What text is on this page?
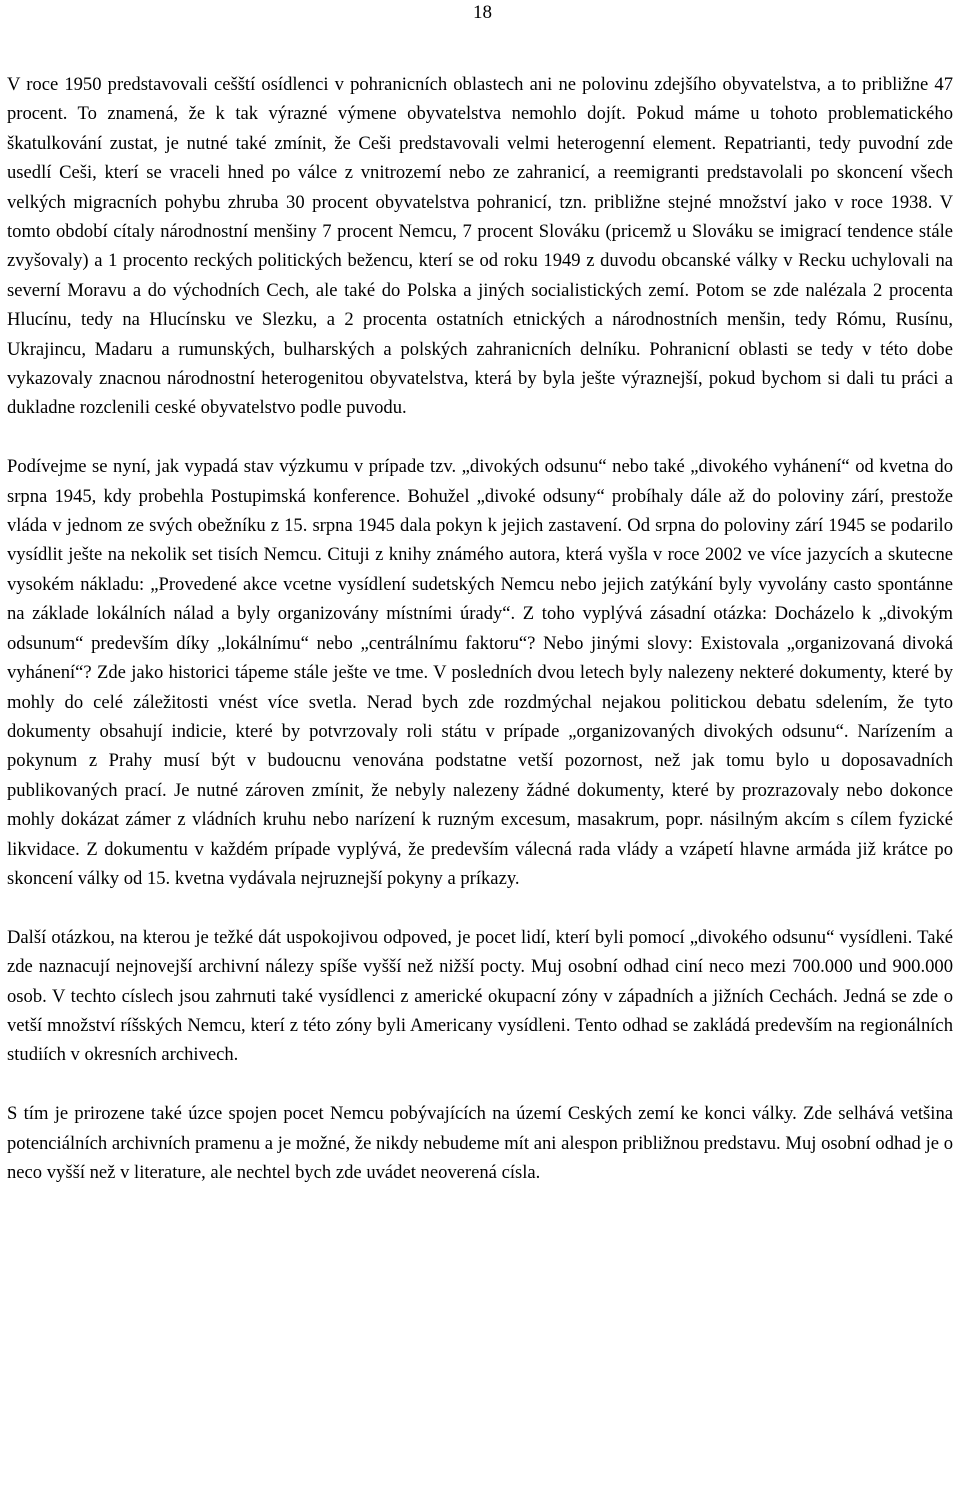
18

V roce 1950 predstavovali cešští osídlenci v pohranicních oblastech ani ne polovinu zdejšího obyvatelstva, a to približne 47 procent. To znamená, že k tak výrazné výmene obyvatelstva nemohlo dojít. Pokud máme u tohoto problematického škatulkování zustat, je nutné také zmínit, že Ceši predstavovali velmi heterogenní element. Repatrianti, tedy puvodní zde usedlí Ceši, kterí se vraceli hned po válce z vnitrozemí nebo ze zahranicí, a reemigranti predstavolali po skoncení všech velkých migracních pohybu zhruba 30 procent obyvatelstva pohranicí, tzn. približne stejné množství jako v roce 1938. V tomto období cítaly národnostní menšiny 7 procent Nemcu, 7 procent Slováku (pricemž u Slováku se imigrací tendence stále zvyšovaly) a 1 procento reckých politických bežencu, kterí se od roku 1949 z duvodu obcanské války v Recku uchylovali na severní Moravu a do východních Cech, ale také do Polska a jiných socialistických zemí. Potom se zde nalézala 2 procenta Hlucínu, tedy na Hlucínsku ve Slezku, a 2 procenta ostatních etnických a národnostních menšin, tedy Rómu, Rusínu, Ukrajincu, Madaru a rumunských, bulharských a polských zahranicních delníku. Pohranicní oblasti se tedy v této dobe vykazovaly znacnou národnostní heterogenitou obyvatelstva, která by byla ješte výraznejší, pokud bychom si dali tu práci a dukladne rozclenili ceské obyvatelstvo podle puvodu.

Podívejme se nyní, jak vypadá stav výzkumu v prípade tzv. „divokých odsunu“ nebo také „divokého vyhánení“ od kvetna do srpna 1945, kdy probehla Postupimská konference. Bohužel „divoké odsuny“ probíhaly dále až do poloviny zárí, prestože vláda v jednom ze svých obežníku z 15. srpna 1945 dala pokyn k jejich zastavení. Od srpna do poloviny zárí 1945 se podarilo vysídlit ješte na nekolik set tisích Nemcu. Cituji z knihy známého autora, která vyšla v roce 2002 ve více jazycích a skutecne vysokém nákladu: „Provedené akce vcetne vysídlení sudetských Nemcu nebo jejich zatýkání byly vyvolány casto spontánne na základe lokálních nálad a byly organizovány místními úrady“. Z toho vyplývá zásadní otázka: Docházelo k „divokým odsunum“ predevším díky „lokálnímu“ nebo „centrálnímu faktoru“? Nebo jinými slovy: Existovala „organizovaná divoká vyhánení“? Zde jako historici tápeme stále ješte ve tme. V posledních dvou letech byly nalezeny nekteré dokumenty, které by mohly do celé záležitosti vnést více svetla. Nerad bych zde rozdmýchal nejakou politickou debatu sdelením, že tyto dokumenty obsahují indicie, které by potvrzovaly roli státu v prípade „organizovaných divokých odsunu“. Narízením a pokynum z Prahy musí být v budoucnu venována podstatne vetší pozornost, než jak tomu bylo u doposavadních publikovaných prací. Je nutné zároven zmínit, že nebyly nalezeny žádné dokumenty, které by prozrazovaly nebo dokonce mohly dokázat zámer z vládních kruhu nebo narízení k ruzným excesum, masakrum, popr. násilným akcím s cílem fyzické likvidace. Z dokumentu v každém prípade vyplývá, že predevším válecná rada vlády a vzápetí hlavne armáda již krátce po skoncení války od 15. kvetna vydávala nejruznejší pokyny a príkazy.

Další otázkou, na kterou je težké dát uspokojivou odpoved, je pocet lidí, kterí byli pomocí „divokého odsunu“ vysídleni. Také zde naznacují nejnovejší archivní nálezy spíše vyšší než nižší pocty. Muj osobní odhad ciní neco mezi 700.000 und 900.000 osob. V techto císlech jsou zahrnuti také vysídlenci z americké okupacní zóny v západních a jižních Cechách. Jedná se zde o vetší množství ríšských Nemcu, kterí z této zóny byli Americany vysídleni. Tento odhad se zakládá predevším na regionálních studiích v okresních archivech.

S tím je prirozene také úzce spojen pocet Nemcu pobývajících na území Ceských zemí ke konci války. Zde selhává vetšina potenciálních archivních pramenu a je možné, že nikdy nebudeme mít ani alespon približnou predstavu. Muj osobní odhad je o neco vyšší než v literature, ale nechtel bych zde uvádet neoverená císla.
